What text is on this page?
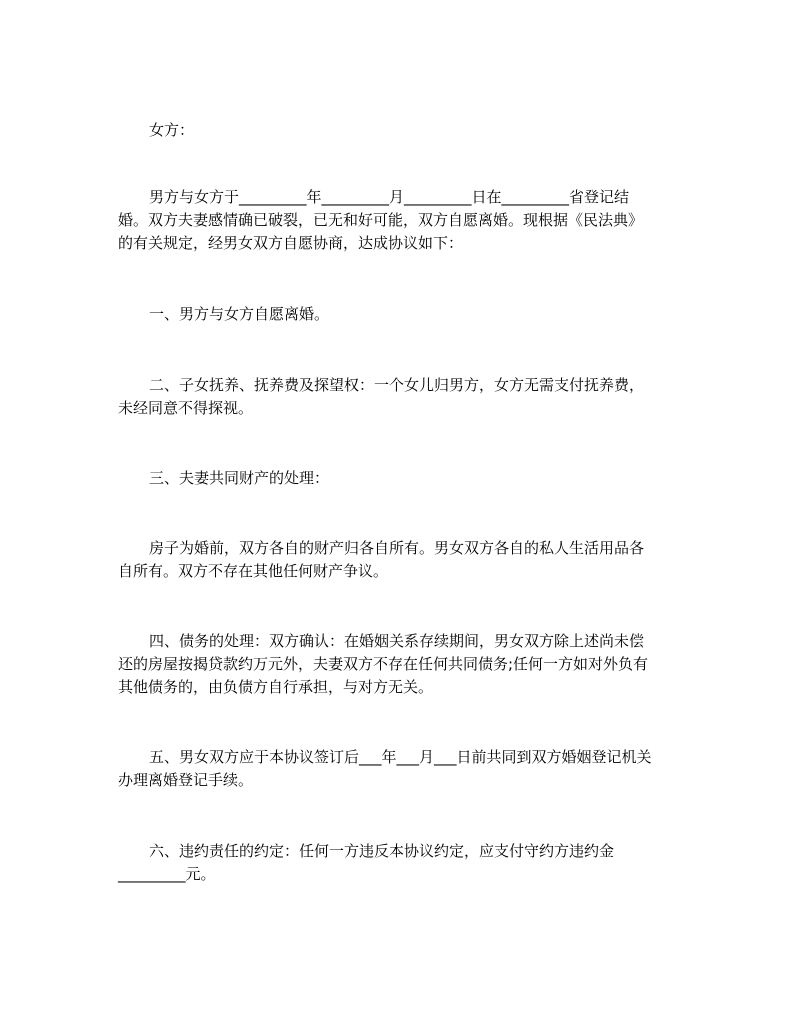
女方：

男方与女方于_________年_________月_________日在_________省登记结
婚。双方夫妻感情确已破裂，已无和好可能，双方自愿离婚。现根据《民法典》
的有关规定，经男女双方自愿协商，达成协议如下：

一、男方与女方自愿离婚。

二、子女抚养、抚养费及探望权：一个女儿归男方，女方无需支付抚养费，
未经同意不得探视。

三、夫妻共同财产的处理：

房子为婚前，双方各自的财产归各自所有。男女双方各自的私人生活用品各
自所有。双方不存在其他任何财产争议。
四、债务的处理：双方确认：在婚姻关系存续期间，男女双方除上述尚未偿
还的房屋按揭贷款约万元外，夫妻双方不存在任何共同债务;任何一方如对外负有
其他债务的，由负债方自行承担，与对方无关。
五、男女双方应于本协议签订后___年___月___日前共同到双方婚姻登记机关
办理离婚登记手续。
六、违约责任的约定：任何一方违反本协议约定，应支付守约方违约金
_________元。
